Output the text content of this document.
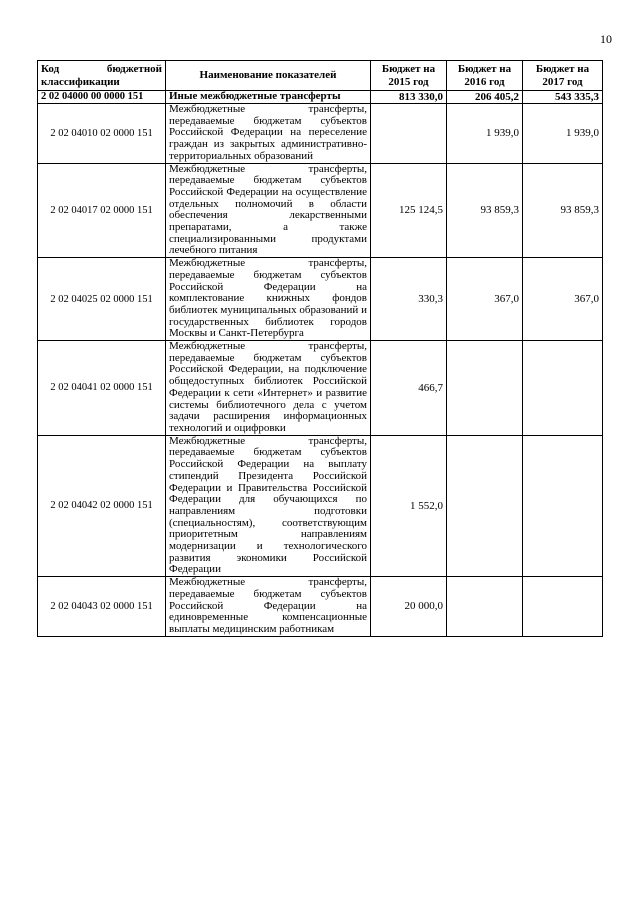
10
Код бюджетной классификации	Наименование показателей	Бюджет на 2015 год	Бюджет на 2016 год	Бюджет на 2017 год
2 02 04000 00 0000 151	Иные межбюджетные трансферты	813 330,0	206 405,2	543 335,3
2 02 04010 02 0000 151	Межбюджетные трансферты, передаваемые бюджетам субъектов Российской Федерации на переселение граждан из закрытых административно-территориальных образований		1 939,0	1 939,0
2 02 04017 02 0000 151	Межбюджетные трансферты, передаваемые бюджетам субъектов Российской Федерации на осуществление отдельных полномочий в области обеспечения лекарственными препаратами, а также специализированными продуктами лечебного питания	125 124,5	93 859,3	93 859,3
2 02 04025 02 0000 151	Межбюджетные трансферты, передаваемые бюджетам субъектов Российской Федерации на комплектование книжных фондов библиотек муниципальных образований и государственных библиотек городов Москвы и Санкт-Петербурга	330,3	367,0	367,0
2 02 04041 02 0000 151	Межбюджетные трансферты, передаваемые бюджетам субъектов Российской Федерации, на подключение общедоступных библиотек Российской Федерации к сети «Интернет» и развитие системы библиотечного дела с учетом задачи расширения информационных технологий и оцифровки	466,7		
2 02 04042 02 0000 151	Межбюджетные трансферты, передаваемые бюджетам субъектов Российской Федерации на выплату стипендий Президента Российской Федерации и Правительства Российской Федерации для обучающихся по направлениям подготовки (специальностям), соответствующим приоритетным направлениям модернизации и технологического развития экономики Российской Федерации	1 552,0		
2 02 04043 02 0000 151	Межбюджетные трансферты, передаваемые бюджетам субъектов Российской Федерации на единовременные компенсационные выплаты медицинским работникам	20 000,0		
